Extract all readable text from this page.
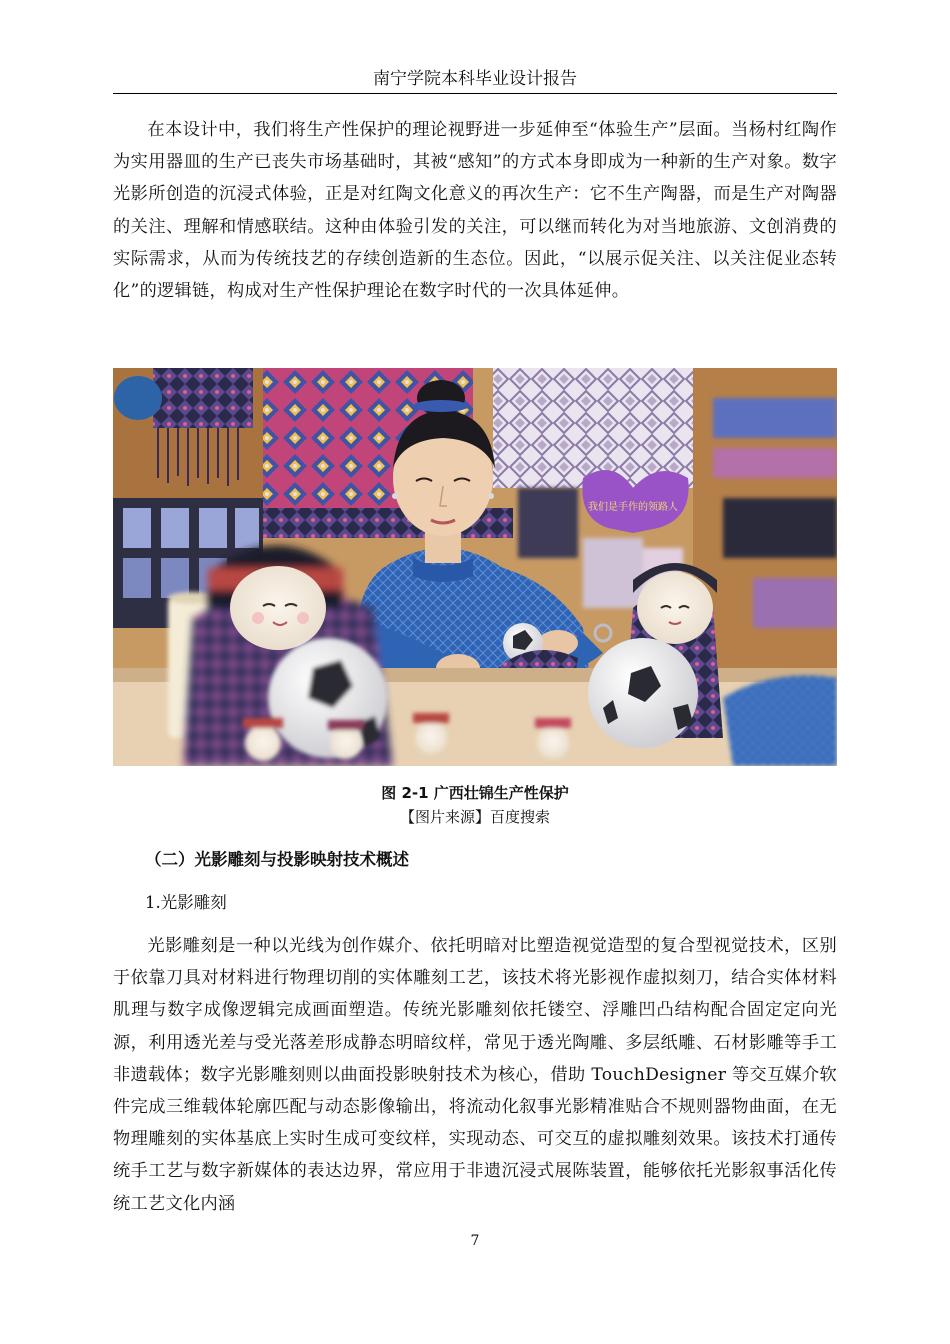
南宁学院本科毕业设计报告

在本设计中，我们将生产性保护的理论视野进一步延伸至“体验生产”层面。当杨村红陶作为实用器皿的生产已丧失市场基础时，其被“感知”的方式本身即成为一种新的生产对象。数字光影所创造的沉浸式体验，正是对红陶文化意义的再次生产：它不生产陶器，而是生产对陶器的关注、理解和情感联结。这种由体验引发的关注，可以继而转化为对当地旅游、文创消费的实际需求，从而为传统技艺的存续创造新的生态位。因此，“以展示促关注、以关注促业态转化”的逻辑链，构成对生产性保护理论在数字时代的一次具体延伸。

我们是手作的领路人

图 2-1 广西壮锦生产性保护

【图片来源】百度搜索

（二）光影雕刻与投影映射技术概述

1.光影雕刻

光影雕刻是一种以光线为创作媒介、依托明暗对比塑造视觉造型的复合型视觉技术，区别于依靠刀具对材料进行物理切削的实体雕刻工艺，该技术将光影视作虚拟刻刀，结合实体材料肌理与数字成像逻辑完成画面塑造。传统光影雕刻依托镂空、浮雕凹凸结构配合固定定向光源，利用透光差与受光落差形成静态明暗纹样，常见于透光陶雕、多层纸雕、石材影雕等手工非遗载体；数字光影雕刻则以曲面投影映射技术为核心，借助 TouchDesigner 等交互媒介软件完成三维载体轮廓匹配与动态影像输出，将流动化叙事光影精准贴合不规则器物曲面，在无物理雕刻的实体基底上实时生成可变纹样，实现动态、可交互的虚拟雕刻效果。该技术打通传统手工艺与数字新媒体的表达边界，常应用于非遗沉浸式展陈装置，能够依托光影叙事活化传统工艺文化内涵

7
